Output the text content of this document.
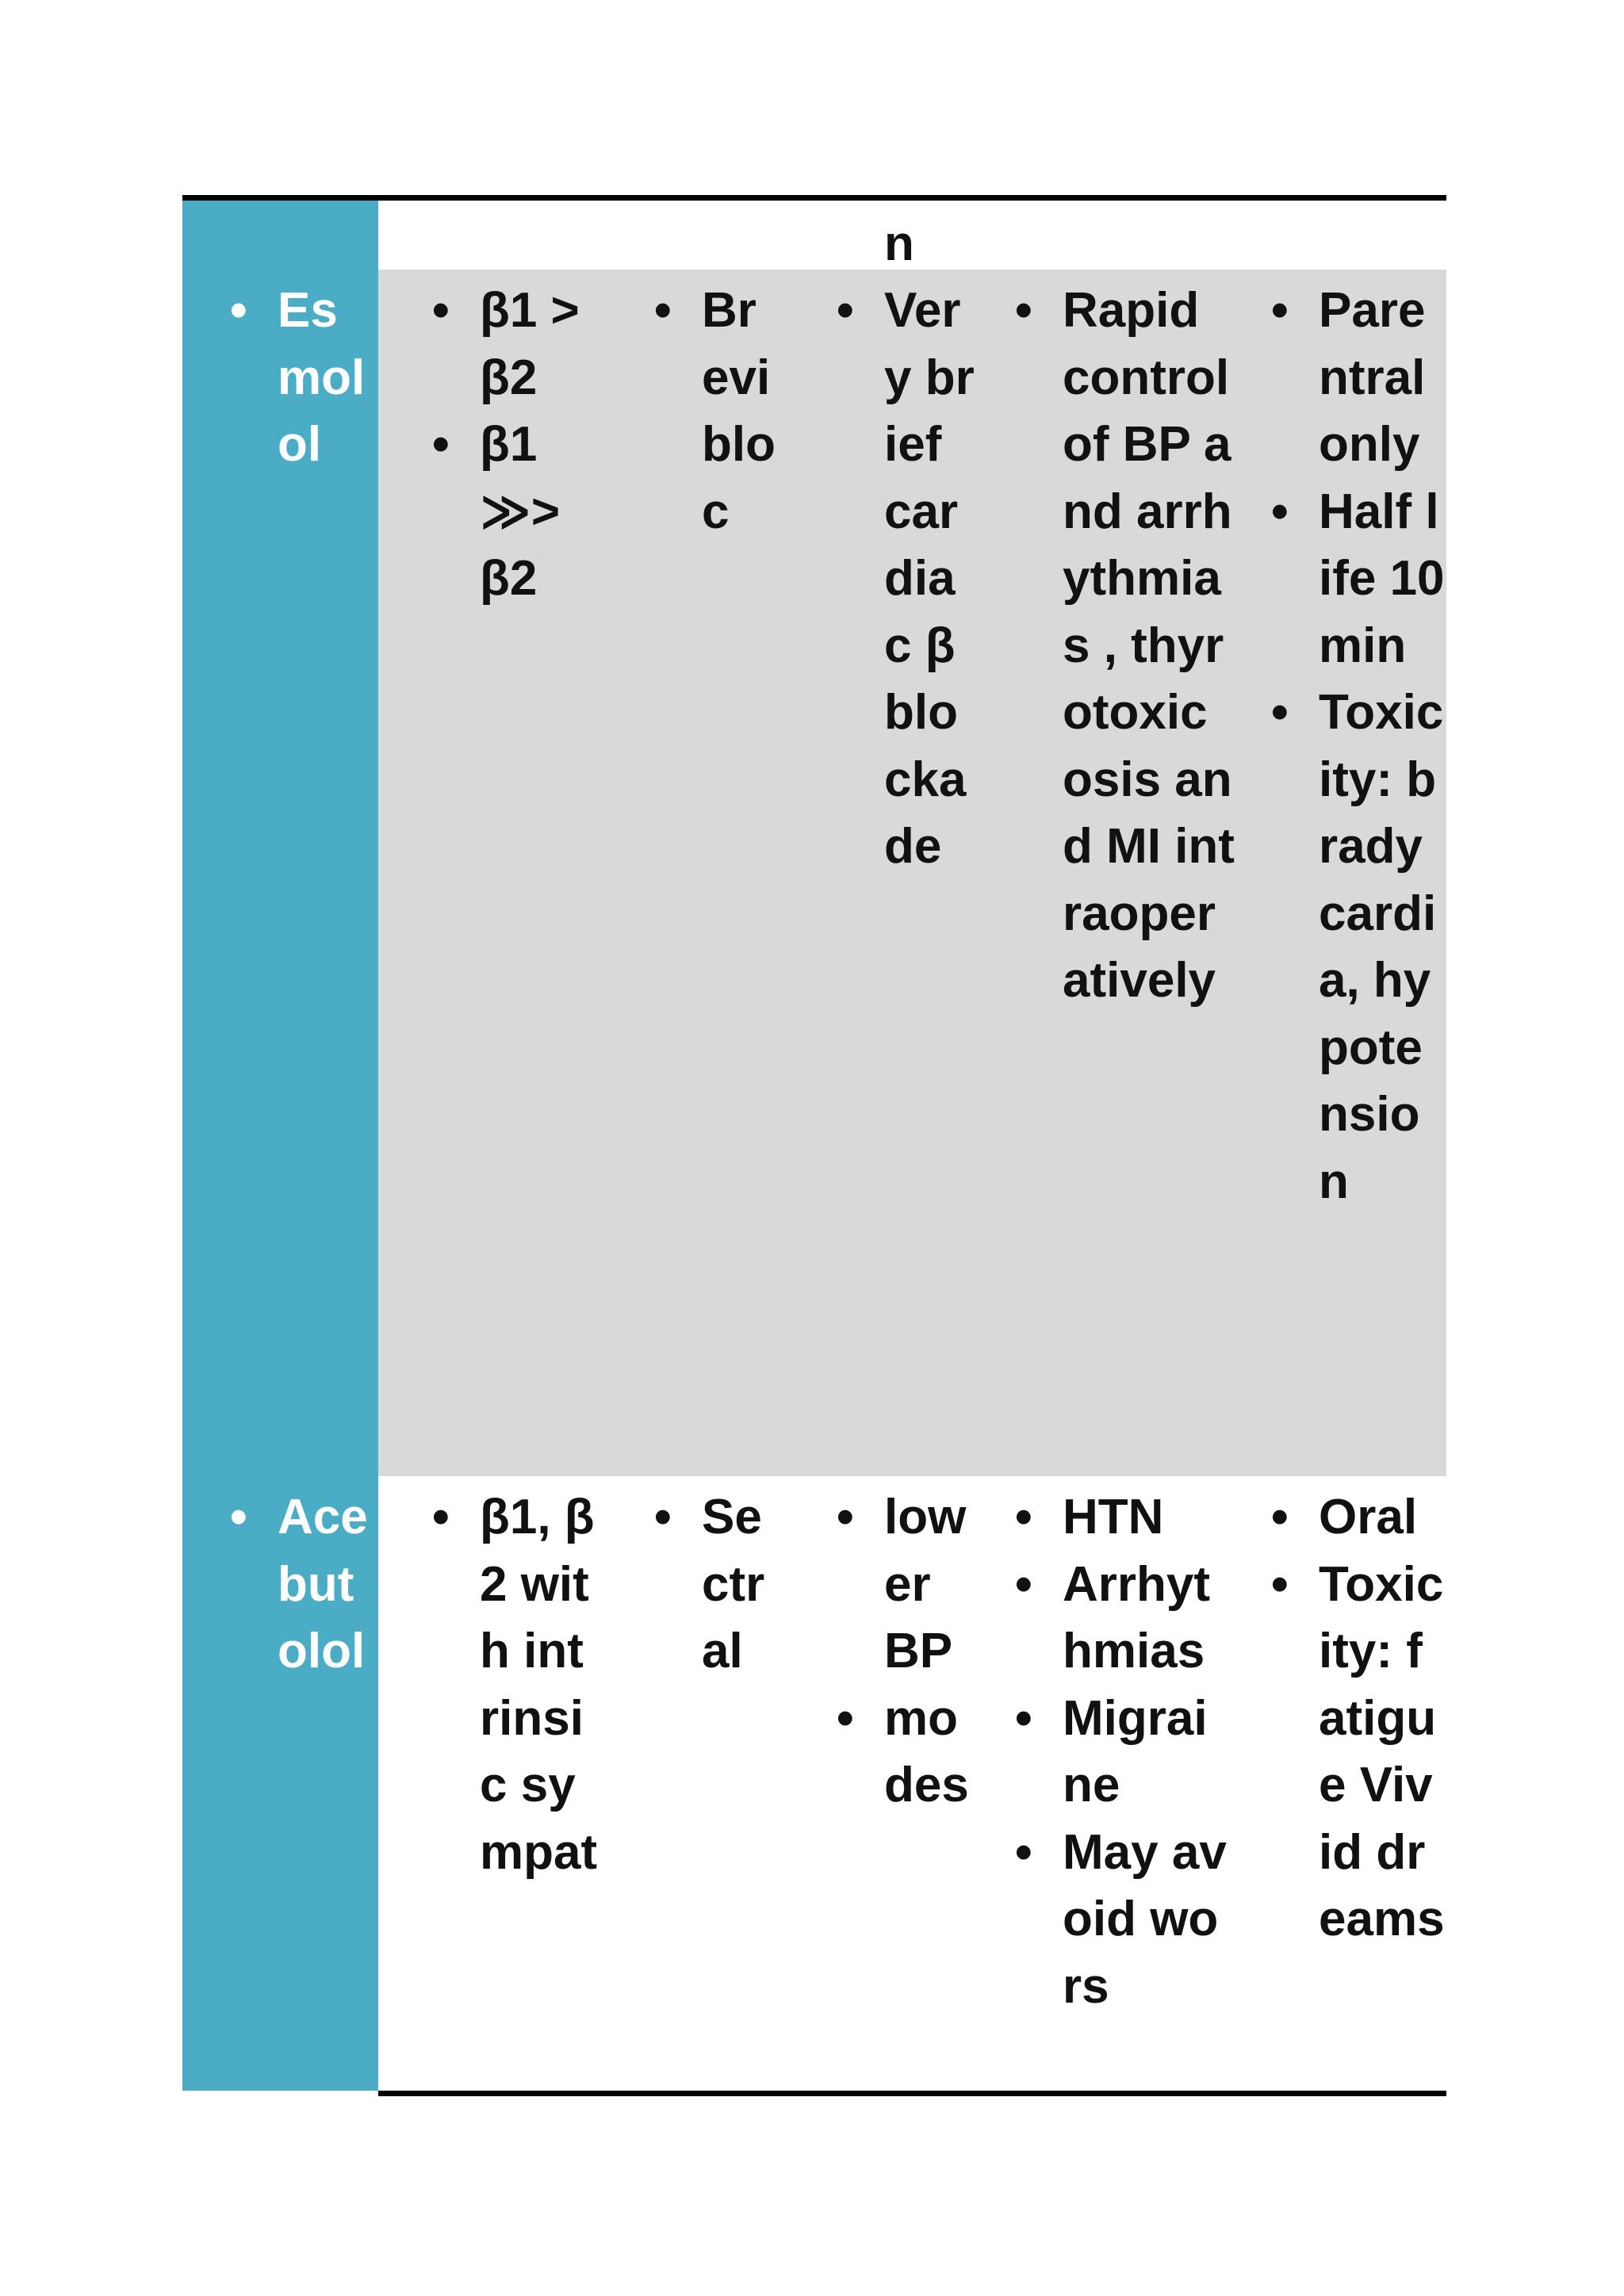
n
• Esmolol
• β1 >β2
• β1 ≫> β2
• Brevibloc
• Very brief cardiac β blockade
• Rapid control of BP and arrhythmias , thyrotoxicosis and MI intraoperatively
• Parentral only
• Half life 10 min
• Toxicity: bradycardia, hypotension
• Acebutolol
• β1, β2 with intrinsic sympat
• Sectral
• lower BP
• modes
• HTN
• Arrhythmias
• Migraine
• May avoid wors
• Oral
• Toxicity: fatigue Vivid dreams
